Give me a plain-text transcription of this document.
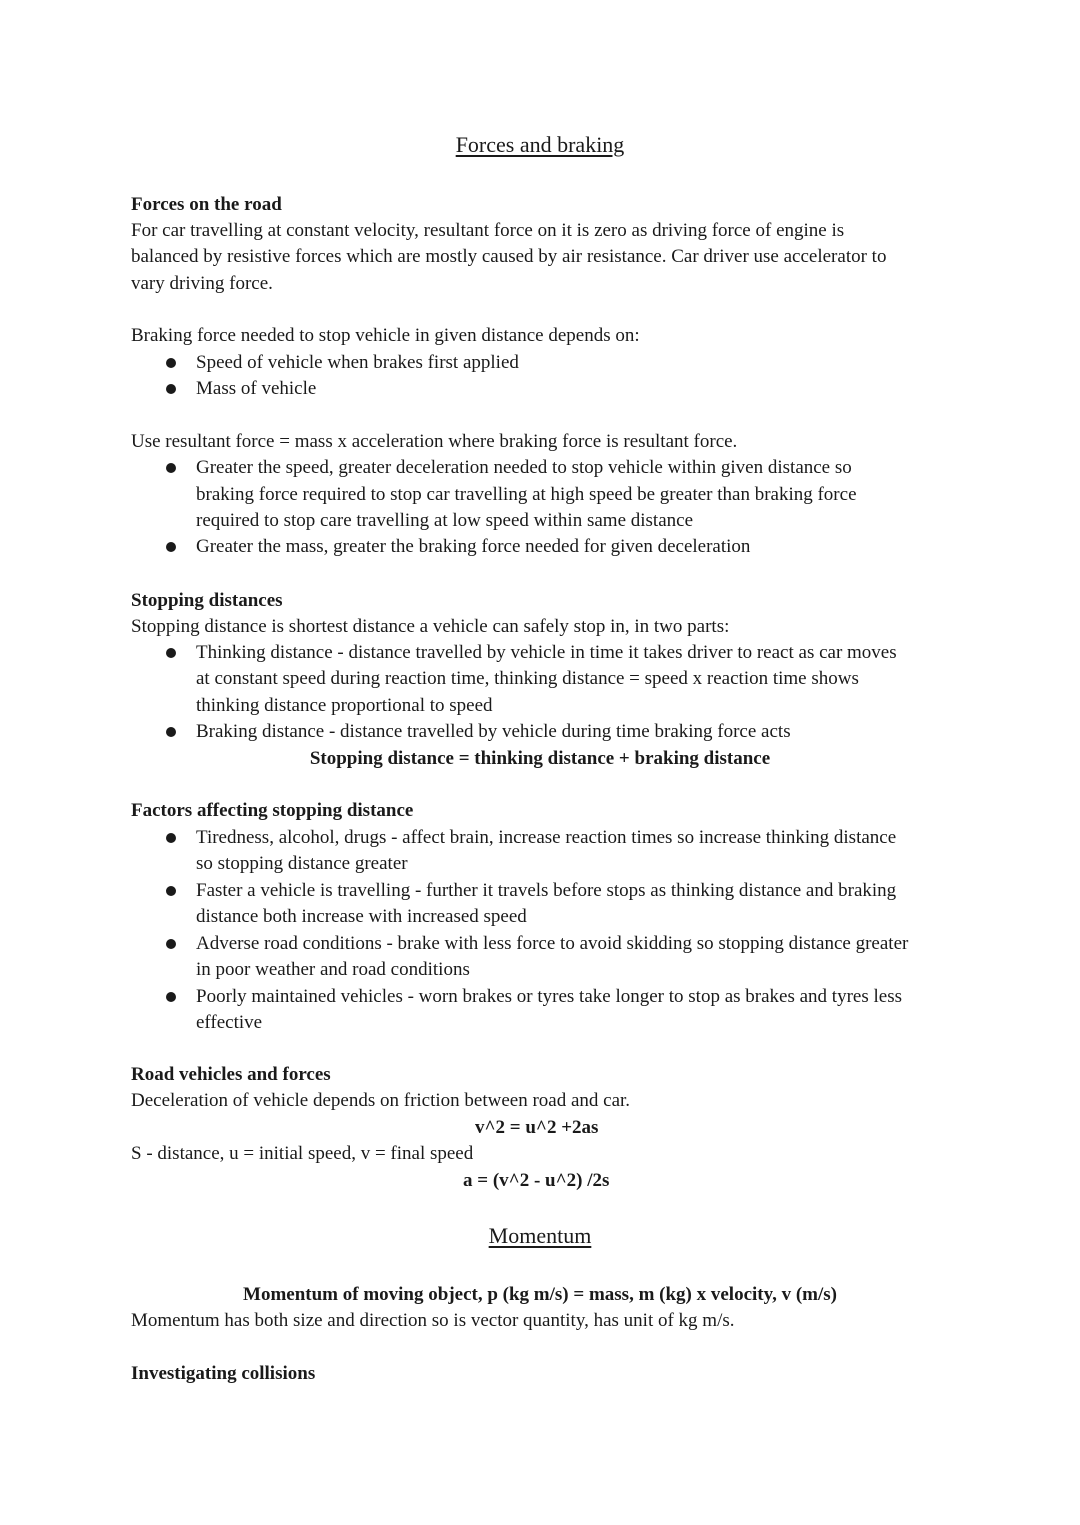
Forces and braking

Forces on the road

For car travelling at constant velocity, resultant force on it is zero as driving force of engine is

balanced by resistive forces which are mostly caused by air resistance. Car driver use accelerator to

vary driving force.

Braking force needed to stop vehicle in given distance depends on:

Speed of vehicle when brakes first applied

Mass of vehicle

Use resultant force = mass x acceleration where braking force is resultant force.

Greater the speed, greater deceleration needed to stop vehicle within given distance so

braking force required to stop car travelling at high speed be greater than braking force

required to stop care travelling at low speed within same distance

Greater the mass, greater the braking force needed for given deceleration

Stopping distances

Stopping distance is shortest distance a vehicle can safely stop in, in two parts:

Thinking distance - distance travelled by vehicle in time it takes driver to react as car moves

at constant speed during reaction time, thinking distance = speed x reaction time shows

thinking distance proportional to speed

Braking distance - distance travelled by vehicle during time braking force acts

Stopping distance = thinking distance + braking distance

Factors affecting stopping distance

Tiredness, alcohol, drugs - affect brain, increase reaction times so increase thinking distance

so stopping distance greater

Faster a vehicle is travelling - further it travels before stops as thinking distance and braking

distance both increase with increased speed

Adverse road conditions - brake with less force to avoid skidding so stopping distance greater

in poor weather and road conditions

Poorly maintained vehicles - worn brakes or tyres take longer to stop as brakes and tyres less

effective

Road vehicles and forces

Deceleration of vehicle depends on friction between road and car.

v^2 = u^2 +2as

S - distance, u = initial speed, v = final speed

a = (v^2 - u^2) /2s

Momentum

Momentum of moving object, p (kg m/s) = mass, m (kg) x velocity, v (m/s)

Momentum has both size and direction so is vector quantity, has unit of kg m/s.

Investigating collisions
